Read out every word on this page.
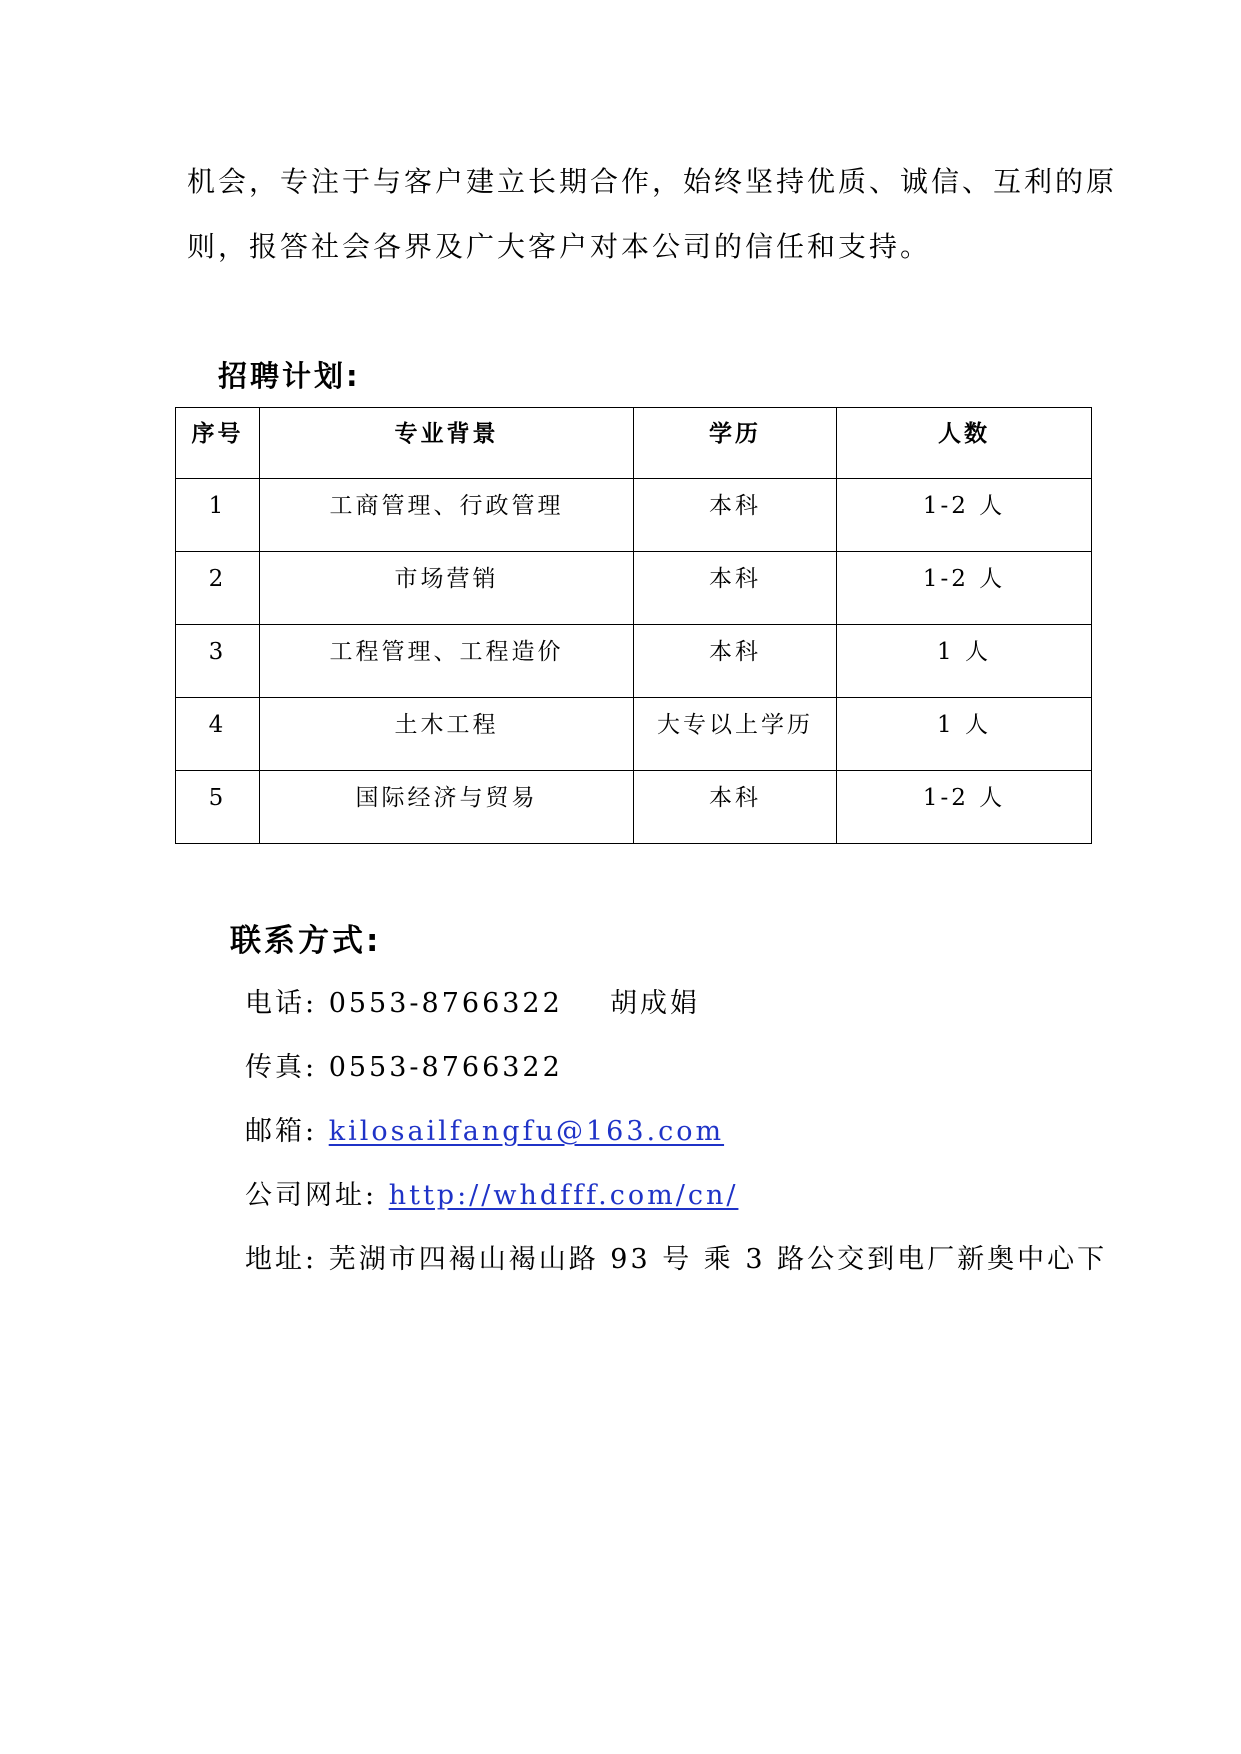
机会，专注于与客户建立长期合作，始终坚持优质、诚信、互利的原
则，报答社会各界及广大客户对本公司的信任和支持。
招聘计划:
序号	专业背景	学历	人数
1	工商管理、行政管理	本科	1-2 人
2	市场营销	本科	1-2 人
3	工程管理、工程造价	本科	1 人
4	土木工程	大专以上学历	1 人
5	国际经济与贸易	本科	1-2 人
联系方式:
电话: 0553-8766322 胡成娟
传真: 0553-8766322
邮箱: kilosailfangfu@163.com
公司网址: http://whdfff.com/cn/
地址: 芜湖市四褐山褐山路 93 号 乘 3 路公交到电厂新奥中心下
